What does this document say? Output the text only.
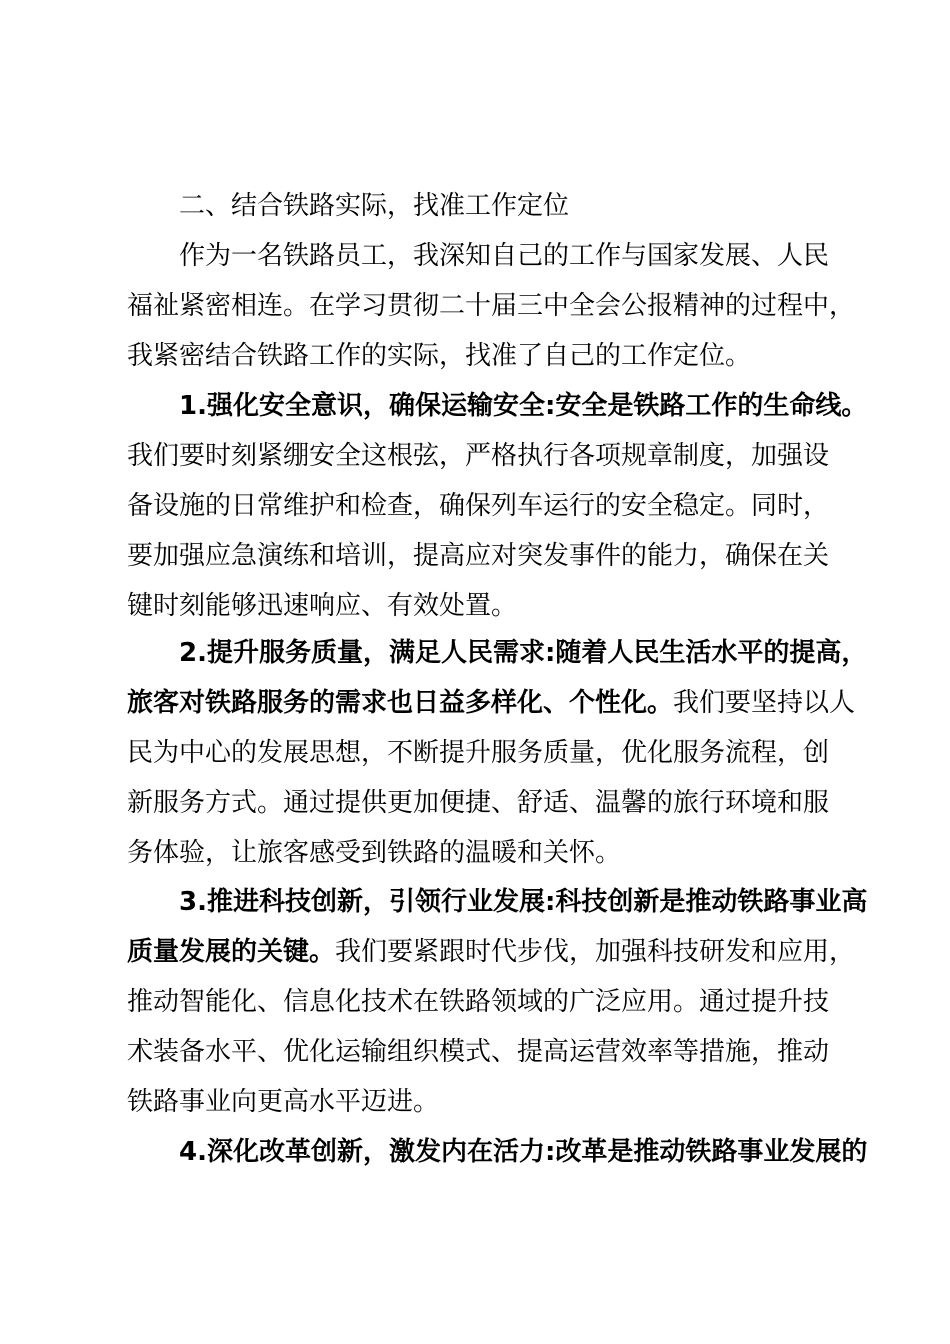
二、结合铁路实际，找准工作定位
作为一名铁路员工，我深知自己的工作与国家发展、人民
福祉紧密相连。在学习贯彻二十届三中全会公报精神的过程中，
我紧密结合铁路工作的实际，找准了自己的工作定位。
1.强化安全意识，确保运输安全:安全是铁路工作的生命线。
我们要时刻紧绷安全这根弦，严格执行各项规章制度，加强设
备设施的日常维护和检查，确保列车运行的安全稳定。同时，
要加强应急演练和培训，提高应对突发事件的能力，确保在关
键时刻能够迅速响应、有效处置。
2.提升服务质量，满足人民需求:随着人民生活水平的提高，
旅客对铁路服务的需求也日益多样化、个性化。我们要坚持以人
民为中心的发展思想，不断提升服务质量，优化服务流程，创
新服务方式。通过提供更加便捷、舒适、温馨的旅行环境和服
务体验，让旅客感受到铁路的温暖和关怀。
3.推进科技创新，引领行业发展:科技创新是推动铁路事业高
质量发展的关键。我们要紧跟时代步伐，加强科技研发和应用，
推动智能化、信息化技术在铁路领域的广泛应用。通过提升技
术装备水平、优化运输组织模式、提高运营效率等措施，推动
铁路事业向更高水平迈进。
4.深化改革创新，激发内在活力:改革是推动铁路事业发展的
